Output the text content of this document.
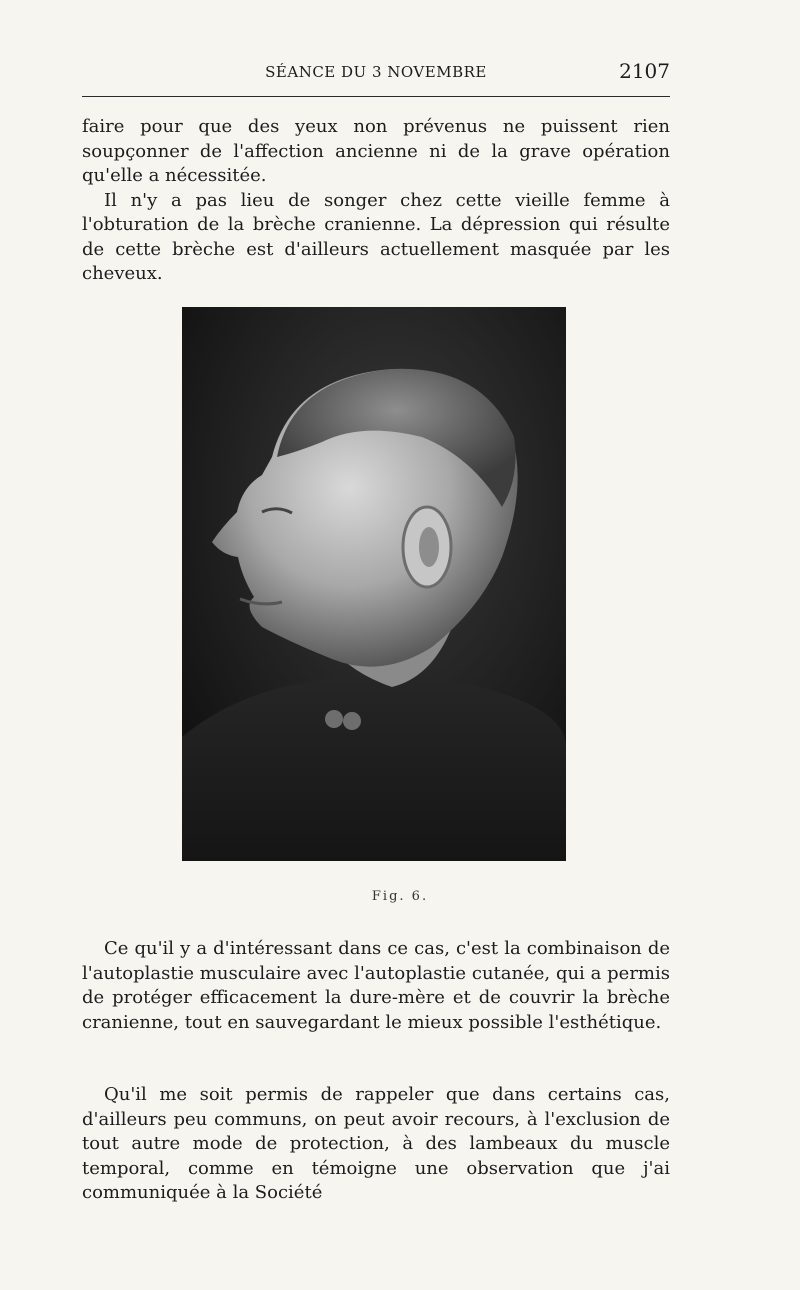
SÉANCE DU 3 NOVEMBRE	2107

faire pour que des yeux non prévenus ne puissent rien soupçonner de l'affection ancienne ni de la grave opération qu'elle a nécessitée.

Il n'y a pas lieu de songer chez cette vieille femme à l'obturation de la brèche cranienne. La dépression qui résulte de cette brèche est d'ailleurs actuellement masquée par les cheveux.

Fig. 6.

Ce qu'il y a d'intéressant dans ce cas, c'est la combinaison de l'autoplastie musculaire avec l'autoplastie cutanée, qui a permis de protéger efficacement la dure-mère et de couvrir la brèche cranienne, tout en sauvegardant le mieux possible l'esthétique.

Qu'il me soit permis de rappeler que dans certains cas, d'ailleurs peu communs, on peut avoir recours, à l'exclusion de tout autre mode de protection, à des lambeaux du muscle temporal, comme en témoigne une observation que j'ai communiquée à la Société
